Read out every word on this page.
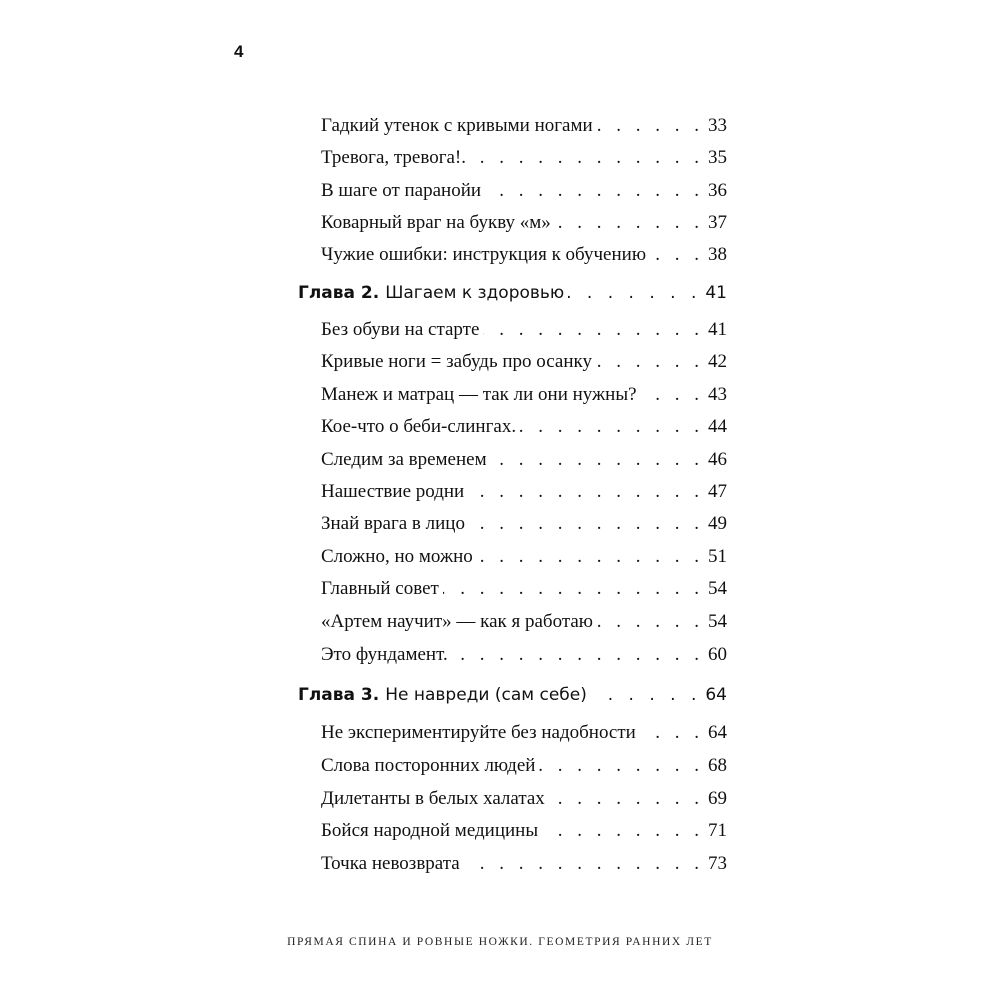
4
Гадкий утенок с кривыми ногами . . .	33
Тревога, тревога!. . . .	35
В шаге от паранойи . . .	36
Коварный враг на букву «м» . . .	37
Чужие ошибки: инструкция к обучению . . .	38
Глава 2. Шагаем к здоровью . . .	41
Без обуви на старте . . .	41
Кривые ноги = забудь про осанку . . .	42
Манеж и матрац — так ли они нужны? . . .	43
Кое-что о беби-слингах. . . .	44
Следим за временем . . .	46
Нашествие родни . . .	47
Знай врага в лицо . . .	49
Сложно, но можно . . .	51
Главный совет . . .	54
«Артем научит» — как я работаю . . .	54
Это фундамент. . . .	60
Глава 3. Не навреди (сам себе) . . .	64
Не экспериментируйте без надобности . . .	64
Слова посторонних людей . . .	68
Дилетанты в белых халатах . . .	69
Бойся народной медицины . . .	71
Точка невозврата . . .	73
ПРЯМАЯ СПИНА И РОВНЫЕ НОЖКИ. ГЕОМЕТРИЯ РАННИХ ЛЕТ
